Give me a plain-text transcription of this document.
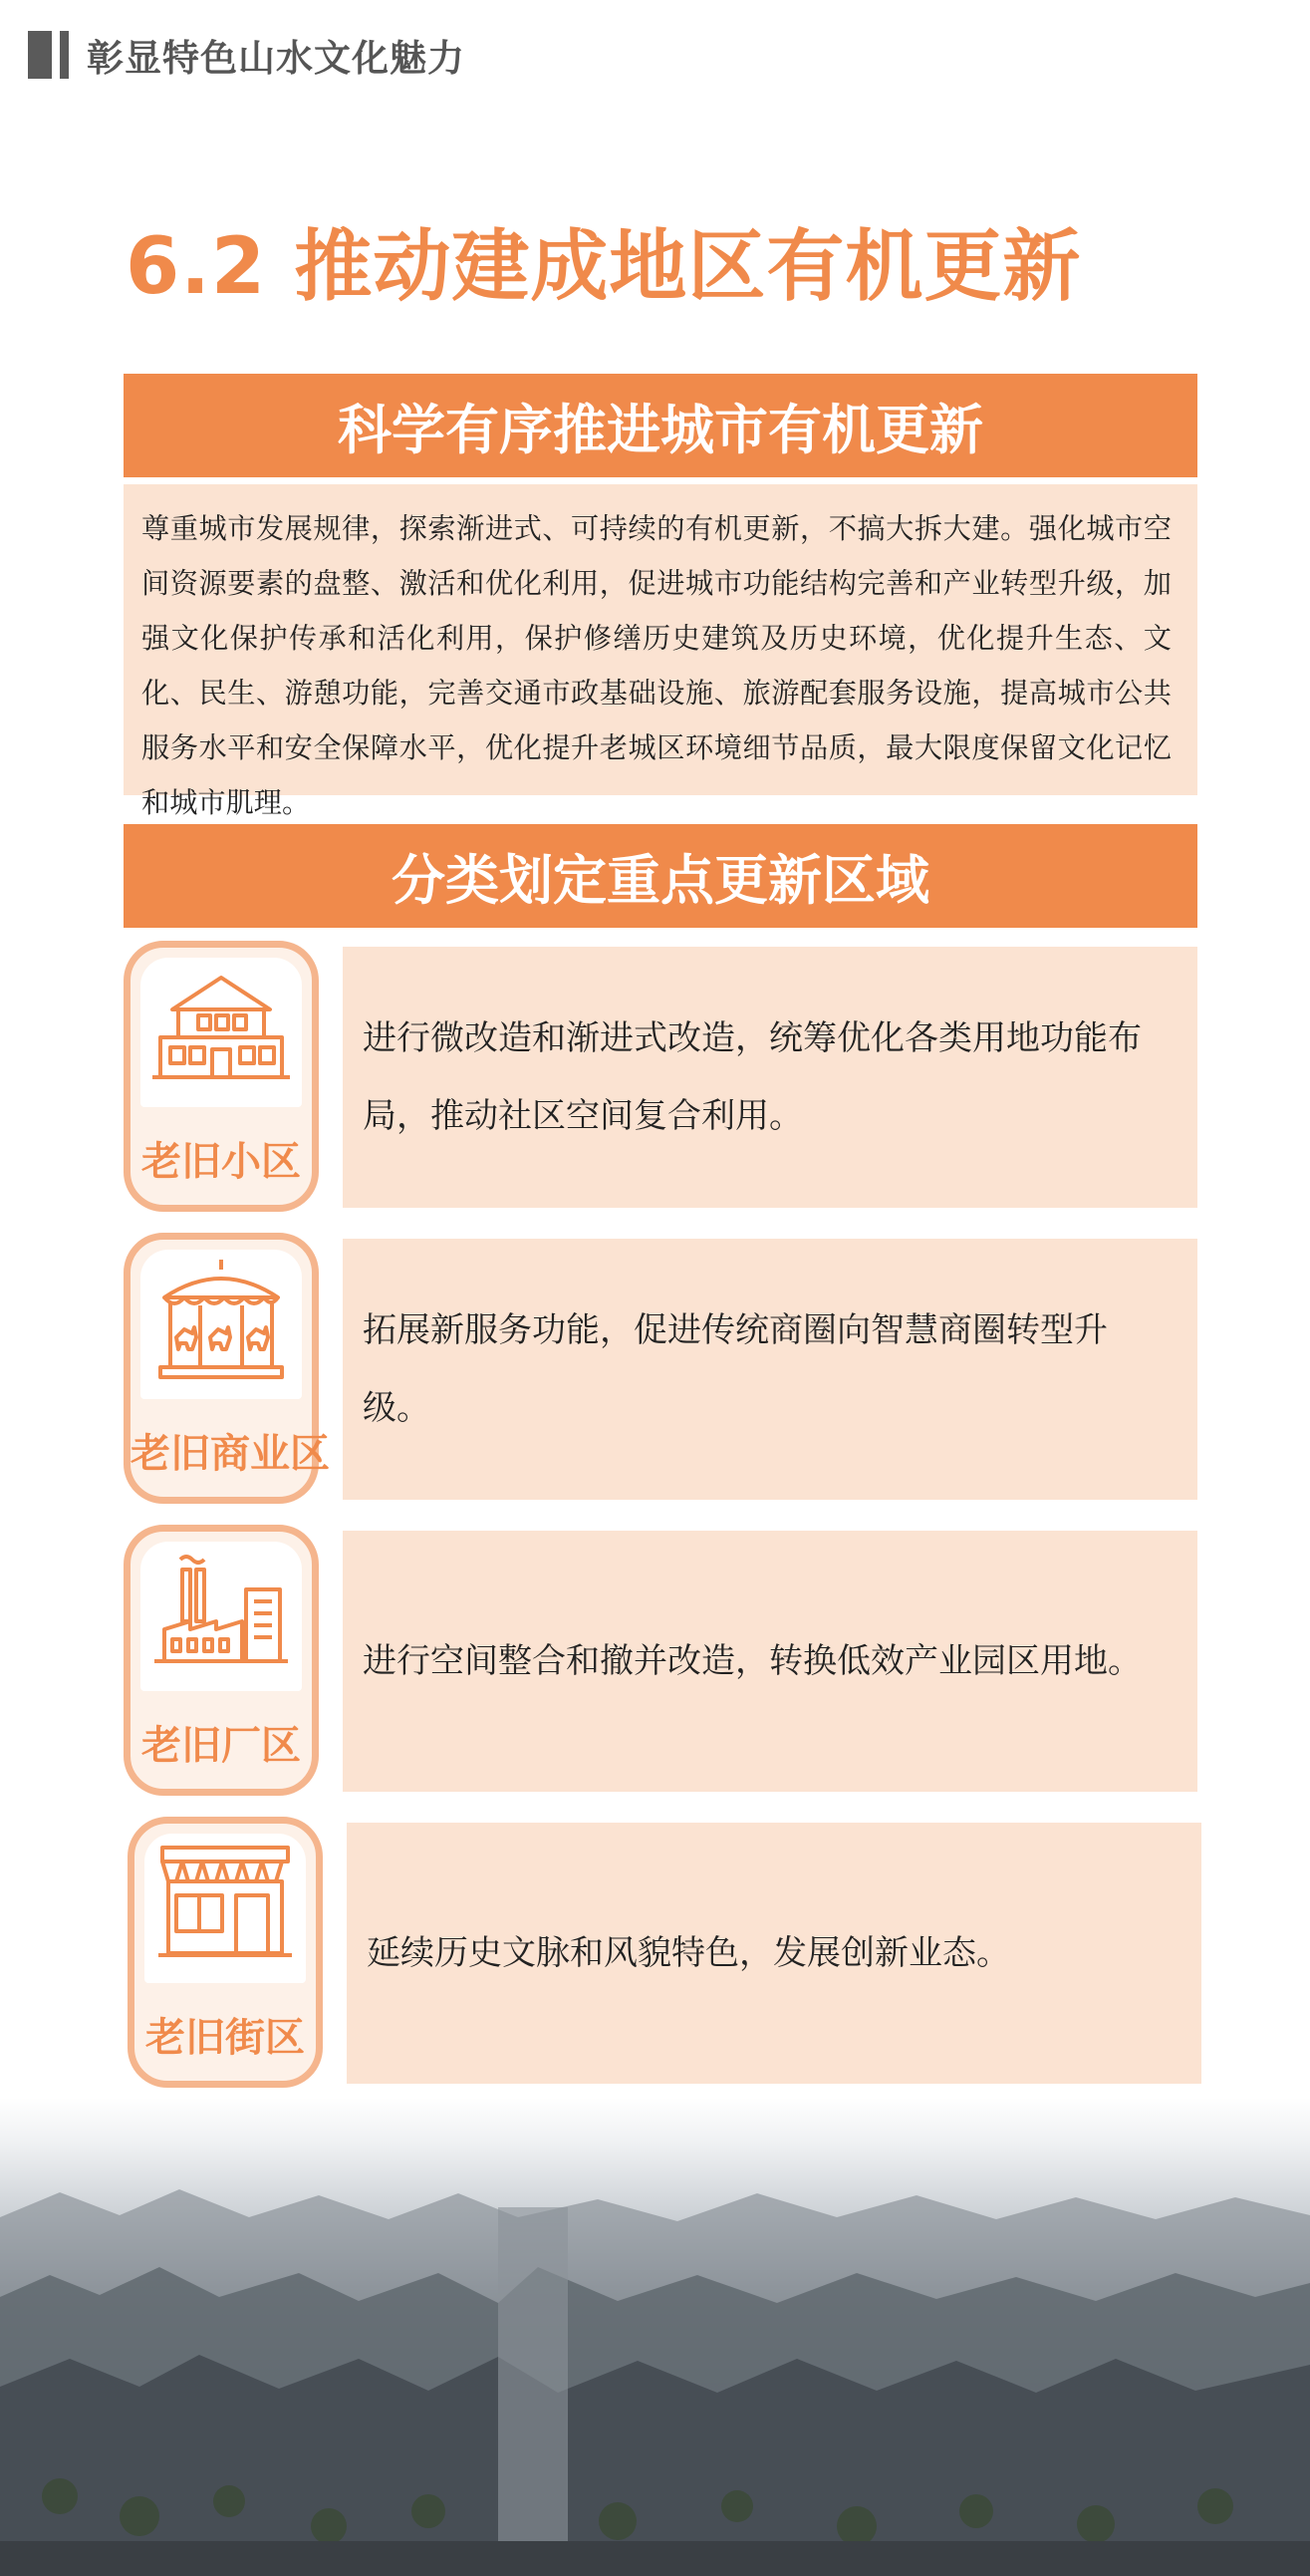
彰显特色山水文化魅力
6.2 推动建成地区有机更新
科学有序推进城市有机更新
尊重城市发展规律，探索渐进式、可持续的有机更新，不搞大拆大建。强化城市空间资源要素的盘整、激活和优化利用，促进城市功能结构完善和产业转型升级，加强文化保护传承和活化利用，保护修缮历史建筑及历史环境，优化提升生态、文化、民生、游憩功能，完善交通市政基础设施、旅游配套服务设施，提高城市公共服务水平和安全保障水平，优化提升老城区环境细节品质，最大限度保留文化记忆和城市肌理。
分类划定重点更新区域
老旧小区
进行微改造和渐进式改造，统筹优化各类用地功能布局，推动社区空间复合利用。
老旧商业区
拓展新服务功能，促进传统商圈向智慧商圈转型升级。
老旧厂区
进行空间整合和撤并改造，转换低效产业园区用地。
老旧街区
延续历史文脉和风貌特色，发展创新业态。
